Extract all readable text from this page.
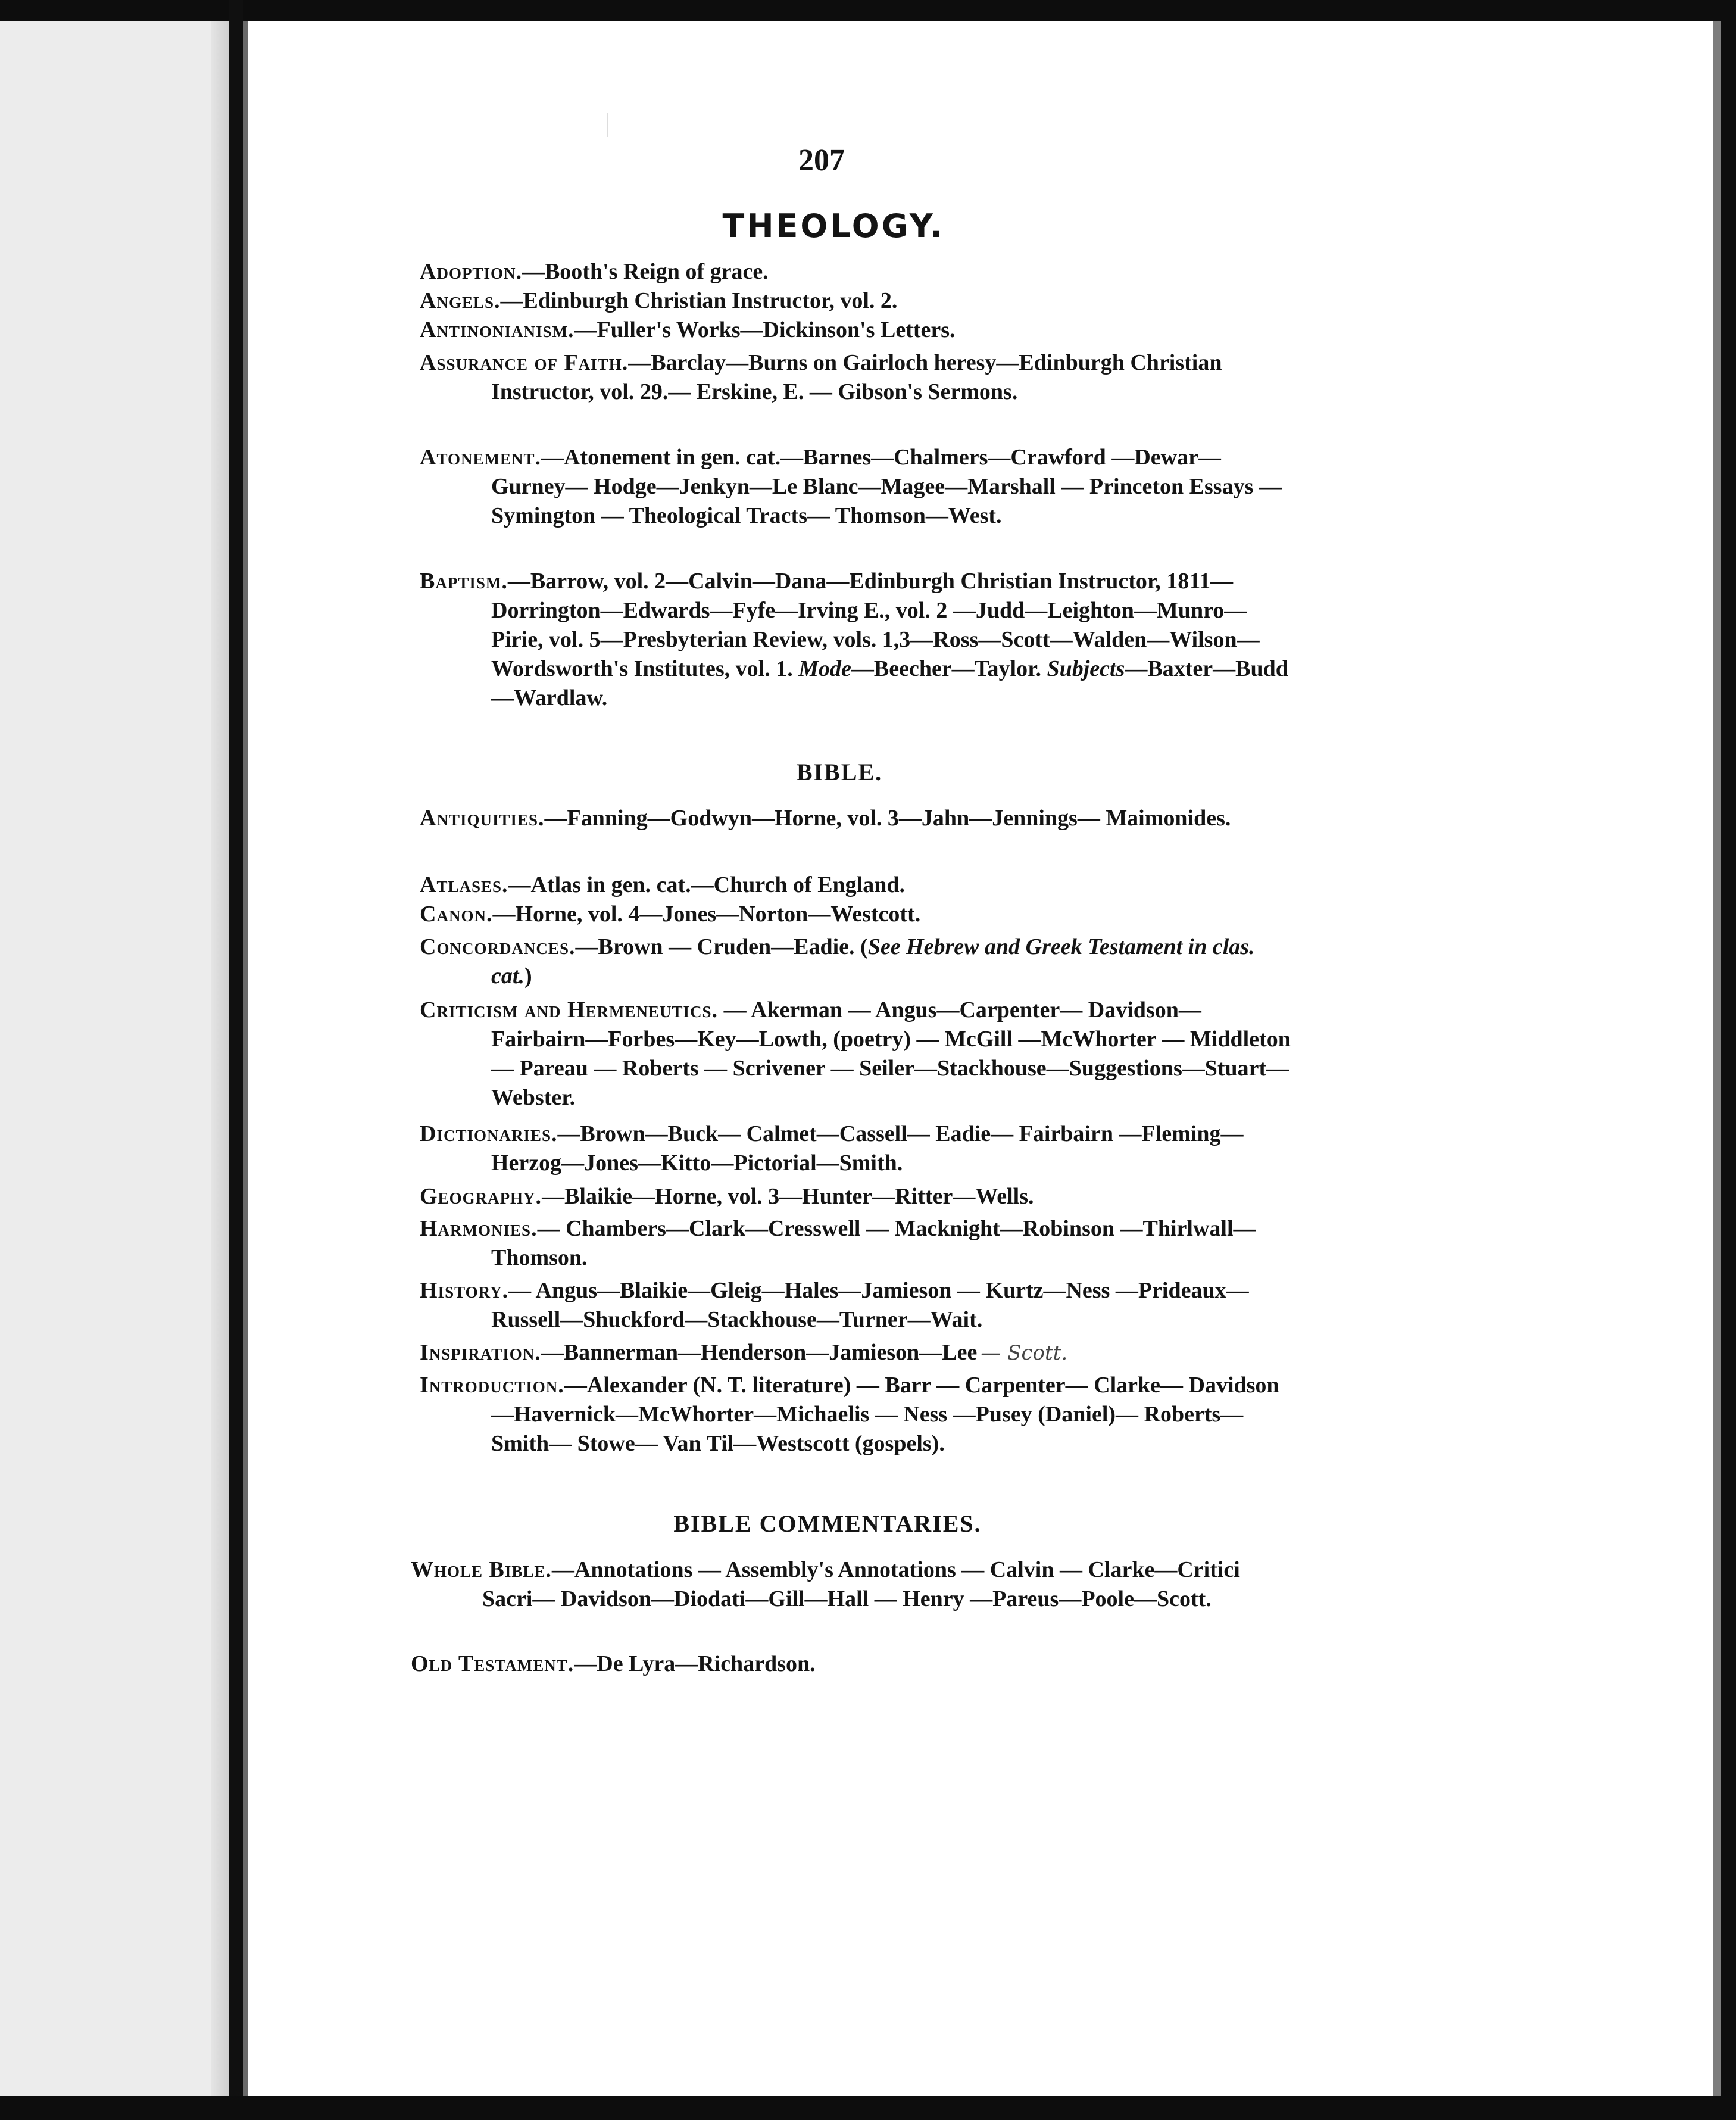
207
THEOLOGY.
Adoption.—Booth's Reign of grace.
Angels.—Edinburgh Christian Instructor, vol. 2.
Antinonianism.—Fuller's Works—Dickinson's Letters.
Assurance of Faith.—Barclay—Burns on Gairloch heresy—Edinburgh Christian Instructor, vol. 29.— Erskine, E. — Gibson's Sermons.
Atonement.—Atonement in gen. cat.—Barnes—Chalmers—Crawford —Dewar—Gurney— Hodge—Jenkyn—Le Blanc—Magee—Marshall — Princeton Essays — Symington — Theological Tracts— Thomson—West.
Baptism.—Barrow, vol. 2—Calvin—Dana—Edinburgh Christian Instructor, 1811—Dorrington—Edwards—Fyfe—Irving E., vol. 2 —Judd—Leighton—Munro—Pirie, vol. 5—Presbyterian Review, vols. 1,3—Ross—Scott—Walden—Wilson—Wordsworth's Institutes, vol. 1. Mode—Beecher—Taylor. Subjects—Baxter—Budd —Wardlaw.
BIBLE.
Antiquities.—Fanning—Godwyn—Horne, vol. 3—Jahn—Jennings— Maimonides.
Atlases.—Atlas in gen. cat.—Church of England.
Canon.—Horne, vol. 4—Jones—Norton—Westcott.
Concordances.—Brown — Cruden—Eadie. (See Hebrew and Greek Testament in clas. cat.)
Criticism and Hermeneutics. — Akerman — Angus—Carpenter— Davidson—Fairbairn—Forbes—Key—Lowth, (poetry) — McGill —McWhorter — Middleton — Pareau — Roberts — Scrivener — Seiler—Stackhouse—Suggestions—Stuart—Webster.
Dictionaries.—Brown—Buck— Calmet—Cassell— Eadie— Fairbairn —Fleming—Herzog—Jones—Kitto—Pictorial—Smith.
Geography.—Blaikie—Horne, vol. 3—Hunter—Ritter—Wells.
Harmonies.— Chambers—Clark—Cresswell — Macknight—Robinson —Thirlwall—Thomson.
History.— Angus—Blaikie—Gleig—Hales—Jamieson — Kurtz—Ness —Prideaux—Russell—Shuckford—Stackhouse—Turner—Wait.
Inspiration.—Bannerman—Henderson—Jamieson—Lee — Scott.
Introduction.—Alexander (N. T. literature) — Barr — Carpenter— Clarke— Davidson—Havernick—McWhorter—Michaelis — Ness —Pusey (Daniel)— Roberts— Smith— Stowe— Van Til—Westscott (gospels).
BIBLE COMMENTARIES.
Whole Bible.—Annotations — Assembly's Annotations — Calvin — Clarke—Critici Sacri— Davidson—Diodati—Gill—Hall — Henry —Pareus—Poole—Scott.
Old Testament.—De Lyra—Richardson.
